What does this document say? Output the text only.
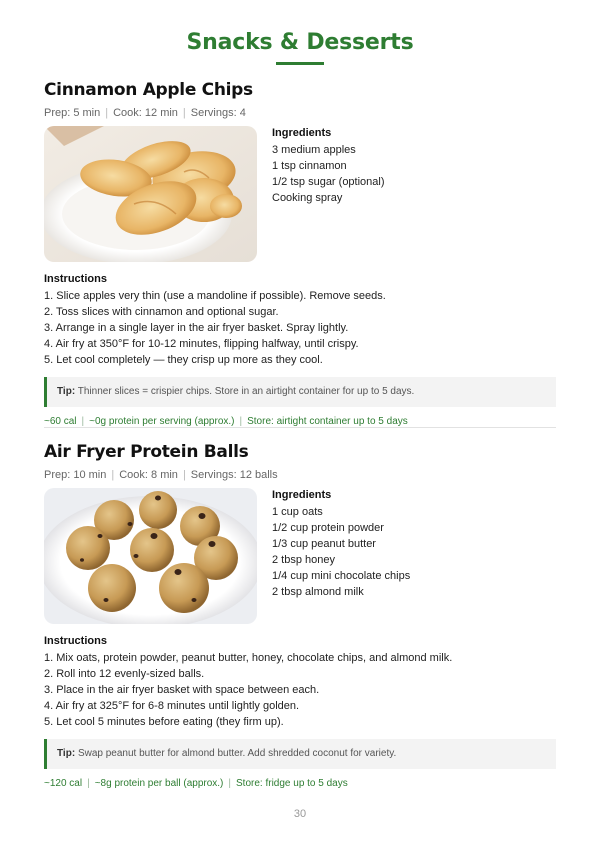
Snacks & Desserts
Cinnamon Apple Chips
Prep: 5 min | Cook: 12 min | Servings: 4
Ingredients
3 medium apples
1 tsp cinnamon
1/2 tsp sugar (optional)
Cooking spray
Instructions
1. Slice apples very thin (use a mandoline if possible). Remove seeds.
2. Toss slices with cinnamon and optional sugar.
3. Arrange in a single layer in the air fryer basket. Spray lightly.
4. Air fry at 350°F for 10-12 minutes, flipping halfway, until crispy.
5. Let cool completely — they crisp up more as they cool.
Tip: Thinner slices = crispier chips. Store in an airtight container for up to 5 days.
~60 cal | ~0g protein per serving (approx.) | Store: airtight container up to 5 days
Air Fryer Protein Balls
Prep: 10 min | Cook: 8 min | Servings: 12 balls
Ingredients
1 cup oats
1/2 cup protein powder
1/3 cup peanut butter
2 tbsp honey
1/4 cup mini chocolate chips
2 tbsp almond milk
Instructions
1. Mix oats, protein powder, peanut butter, honey, chocolate chips, and almond milk.
2. Roll into 12 evenly-sized balls.
3. Place in the air fryer basket with space between each.
4. Air fry at 325°F for 6-8 minutes until lightly golden.
5. Let cool 5 minutes before eating (they firm up).
Tip: Swap peanut butter for almond butter. Add shredded coconut for variety.
~120 cal | ~8g protein per ball (approx.) | Store: fridge up to 5 days
30
